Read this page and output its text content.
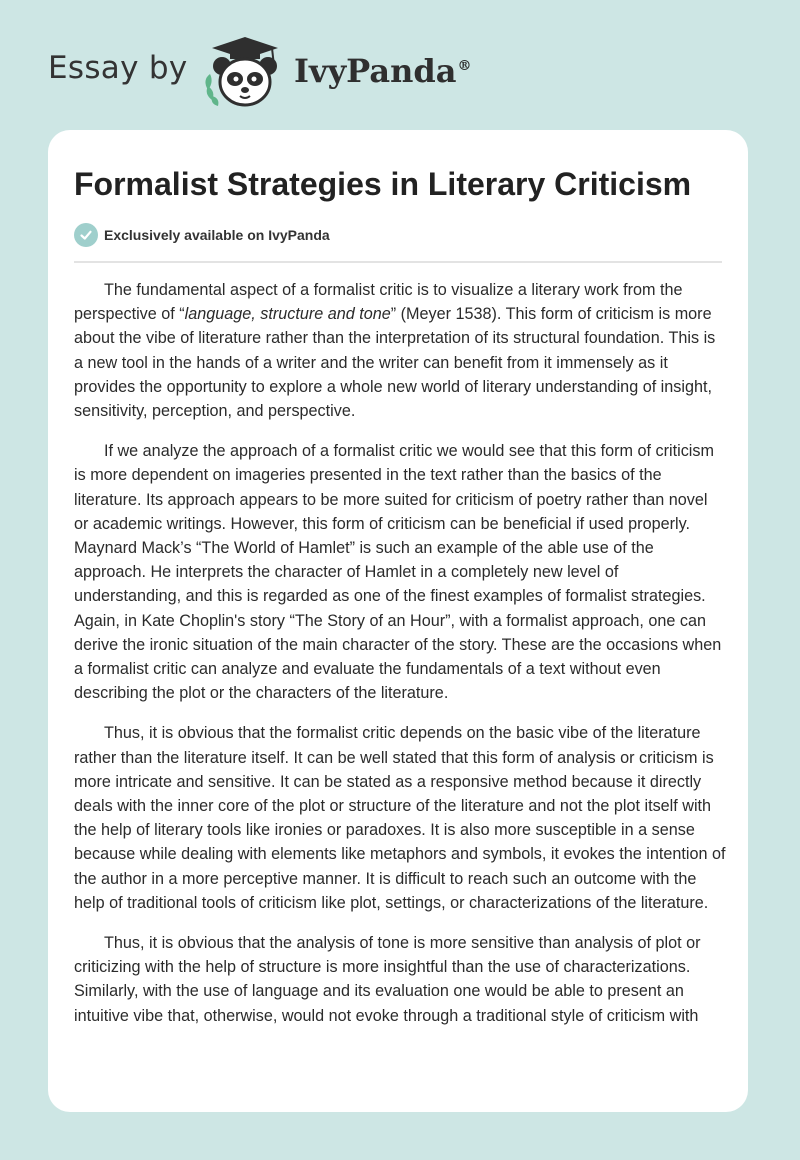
Essay by	IvyPanda®
Formalist Strategies in Literary Criticism
Exclusively available on IvyPanda

The fundamental aspect of a formalist critic is to visualize a literary work from the perspective of “language, structure and tone” (Meyer 1538). This form of criticism is more about the vibe of literature rather than the interpretation of its structural foundation. This is a new tool in the hands of a writer and the writer can benefit from it immensely as it provides the opportunity to explore a whole new world of literary understanding of insight, sensitivity, perception, and perspective.

If we analyze the approach of a formalist critic we would see that this form of criticism is more dependent on imageries presented in the text rather than the basics of the literature. Its approach appears to be more suited for criticism of poetry rather than novel or academic writings. However, this form of criticism can be beneficial if used properly. Maynard Mack’s “The World of Hamlet” is such an example of the able use of the approach. He interprets the character of Hamlet in a completely new level of understanding, and this is regarded as one of the finest examples of formalist strategies. Again, in Kate Choplin's story “The Story of an Hour”, with a formalist approach, one can derive the ironic situation of the main character of the story. These are the occasions when a formalist critic can analyze and evaluate the fundamentals of a text without even describing the plot or the characters of the literature.

Thus, it is obvious that the formalist critic depends on the basic vibe of the literature rather than the literature itself. It can be well stated that this form of analysis or criticism is more intricate and sensitive. It can be stated as a responsive method because it directly deals with the inner core of the plot or structure of the literature and not the plot itself with the help of literary tools like ironies or paradoxes. It is also more susceptible in a sense because while dealing with elements like metaphors and symbols, it evokes the intention of the author in a more perceptive manner. It is difficult to reach such an outcome with the help of traditional tools of criticism like plot, settings, or characterizations of the literature.

Thus, it is obvious that the analysis of tone is more sensitive than analysis of plot or criticizing with the help of structure is more insightful than the use of characterizations. Similarly, with the use of language and its evaluation one would be able to present an intuitive vibe that, otherwise, would not evoke through a traditional style of criticism with
